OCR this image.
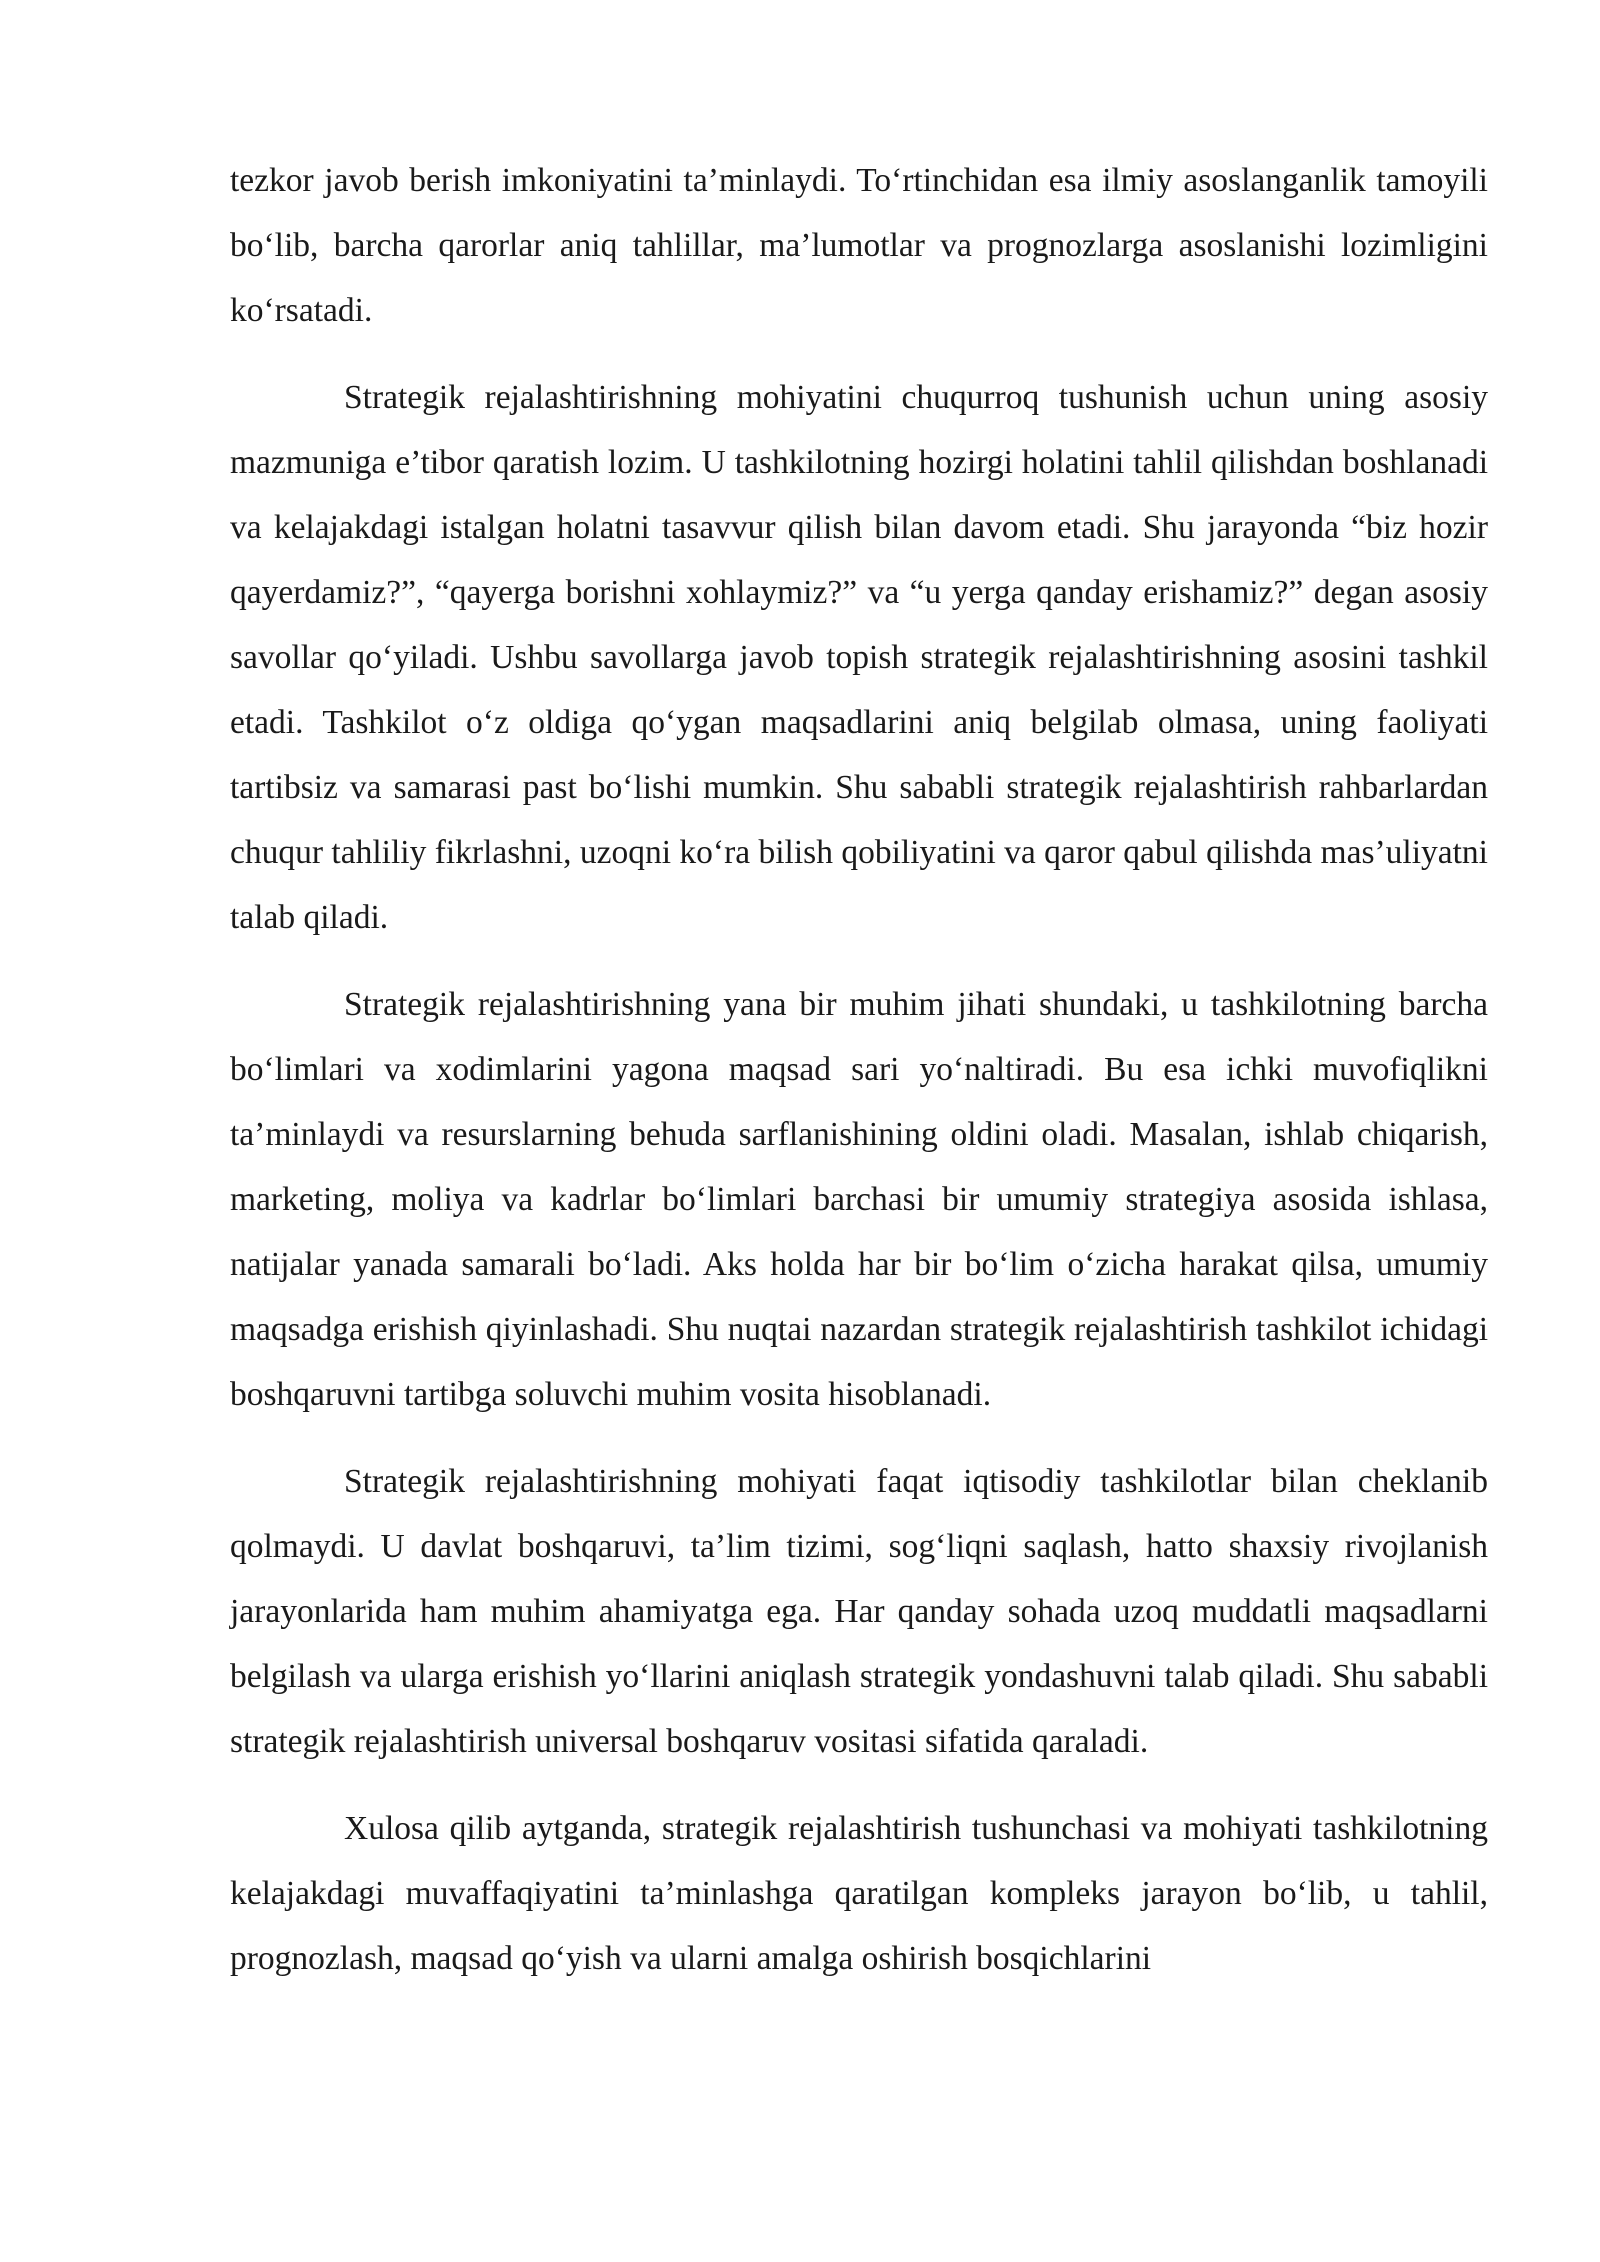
tezkor javob berish imkoniyatini ta’minlaydi. To‘rtinchidan esa ilmiy asoslanganlik tamoyili bo‘lib, barcha qarorlar aniq tahlillar, ma’lumotlar va prognozlarga asoslanishi lozimligini ko‘rsatadi.

Strategik rejalashtirishning mohiyatini chuqurroq tushunish uchun uning asosiy mazmuniga e’tibor qaratish lozim. U tashkilotning hozirgi holatini tahlil qilishdan boshlanadi va kelajakdagi istalgan holatni tasavvur qilish bilan davom etadi. Shu jarayonda “biz hozir qayerdamiz?”, “qayerga borishni xohlaymiz?” va “u yerga qanday erishamiz?” degan asosiy savollar qo‘yiladi. Ushbu savollarga javob topish strategik rejalashtirishning asosini tashkil etadi. Tashkilot o‘z oldiga qo‘ygan maqsadlarini aniq belgilab olmasa, uning faoliyati tartibsiz va samarasi past bo‘lishi mumkin. Shu sababli strategik rejalashtirish rahbarlardan chuqur tahliliy fikrlashni, uzoqni ko‘ra bilish qobiliyatini va qaror qabul qilishda mas’uliyatni talab qiladi.

Strategik rejalashtirishning yana bir muhim jihati shundaki, u tashkilotning barcha bo‘limlari va xodimlarini yagona maqsad sari yo‘naltiradi. Bu esa ichki muvofiqlikni ta’minlaydi va resurslarning behuda sarflanishining oldini oladi. Masalan, ishlab chiqarish, marketing, moliya va kadrlar bo‘limlari barchasi bir umumiy strategiya asosida ishlasa, natijalar yanada samarali bo‘ladi. Aks holda har bir bo‘lim o‘zicha harakat qilsa, umumiy maqsadga erishish qiyinlashadi. Shu nuqtai nazardan strategik rejalashtirish tashkilot ichidagi boshqaruvni tartibga soluvchi muhim vosita hisoblanadi.

Strategik rejalashtirishning mohiyati faqat iqtisodiy tashkilotlar bilan cheklanib qolmaydi. U davlat boshqaruvi, ta’lim tizimi, sog‘liqni saqlash, hatto shaxsiy rivojlanish jarayonlarida ham muhim ahamiyatga ega. Har qanday sohada uzoq muddatli maqsadlarni belgilash va ularga erishish yo‘llarini aniqlash strategik yondashuvni talab qiladi. Shu sababli strategik rejalashtirish universal boshqaruv vositasi sifatida qaraladi.

Xulosa qilib aytganda, strategik rejalashtirish tushunchasi va mohiyati tashkilotning kelajakdagi muvaffaqiyatini ta’minlashga qaratilgan kompleks jarayon bo‘lib, u tahlil, prognozlash, maqsad qo‘yish va ularni amalga oshirish bosqichlarini
